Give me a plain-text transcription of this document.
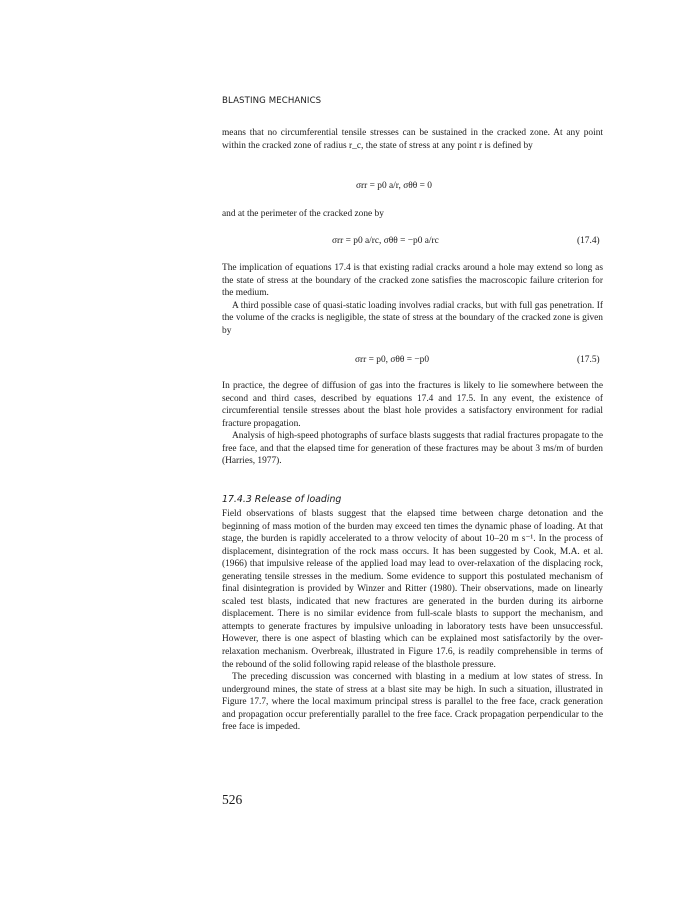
BLASTING MECHANICS

means that no circumferential tensile stresses can be sustained in the cracked zone. At any point within the cracked zone of radius r_c, the state of stress at any point r is defined by

σrr = p0 a/r, σθθ = 0

and at the perimeter of the cracked zone by

σrr = p0 a/rc, σθθ = −p0 a/rc	(17.4)

The implication of equations 17.4 is that existing radial cracks around a hole may extend so long as the state of stress at the boundary of the cracked zone satisfies the macroscopic failure criterion for the medium.

A third possible case of quasi-static loading involves radial cracks, but with full gas penetration. If the volume of the cracks is negligible, the state of stress at the boundary of the cracked zone is given by

σrr = p0, σθθ = −p0	(17.5)

In practice, the degree of diffusion of gas into the fractures is likely to lie somewhere between the second and third cases, described by equations 17.4 and 17.5. In any event, the existence of circumferential tensile stresses about the blast hole provides a satisfactory environment for radial fracture propagation.

Analysis of high-speed photographs of surface blasts suggests that radial fractures propagate to the free face, and that the elapsed time for generation of these fractures may be about 3 ms/m of burden (Harries, 1977).

17.4.3 Release of loading

Field observations of blasts suggest that the elapsed time between charge detonation and the beginning of mass motion of the burden may exceed ten times the dynamic phase of loading. At that stage, the burden is rapidly accelerated to a throw velocity of about 10–20 m s⁻¹. In the process of displacement, disintegration of the rock mass occurs. It has been suggested by Cook, M.A. et al. (1966) that impulsive release of the applied load may lead to over-relaxation of the displacing rock, generating tensile stresses in the medium. Some evidence to support this postulated mechanism of final disintegration is provided by Winzer and Ritter (1980). Their observations, made on linearly scaled test blasts, indicated that new fractures are generated in the burden during its airborne displacement. There is no similar evidence from full-scale blasts to support the mechanism, and attempts to generate fractures by impulsive unloading in laboratory tests have been unsuccessful. However, there is one aspect of blasting which can be explained most satisfactorily by the over-relaxation mechanism. Overbreak, illustrated in Figure 17.6, is readily comprehensible in terms of the rebound of the solid following rapid release of the blasthole pressure.

The preceding discussion was concerned with blasting in a medium at low states of stress. In underground mines, the state of stress at a blast site may be high. In such a situation, illustrated in Figure 17.7, where the local maximum principal stress is parallel to the free face, crack generation and propagation occur preferentially parallel to the free face. Crack propagation perpendicular to the free face is impeded.

526
